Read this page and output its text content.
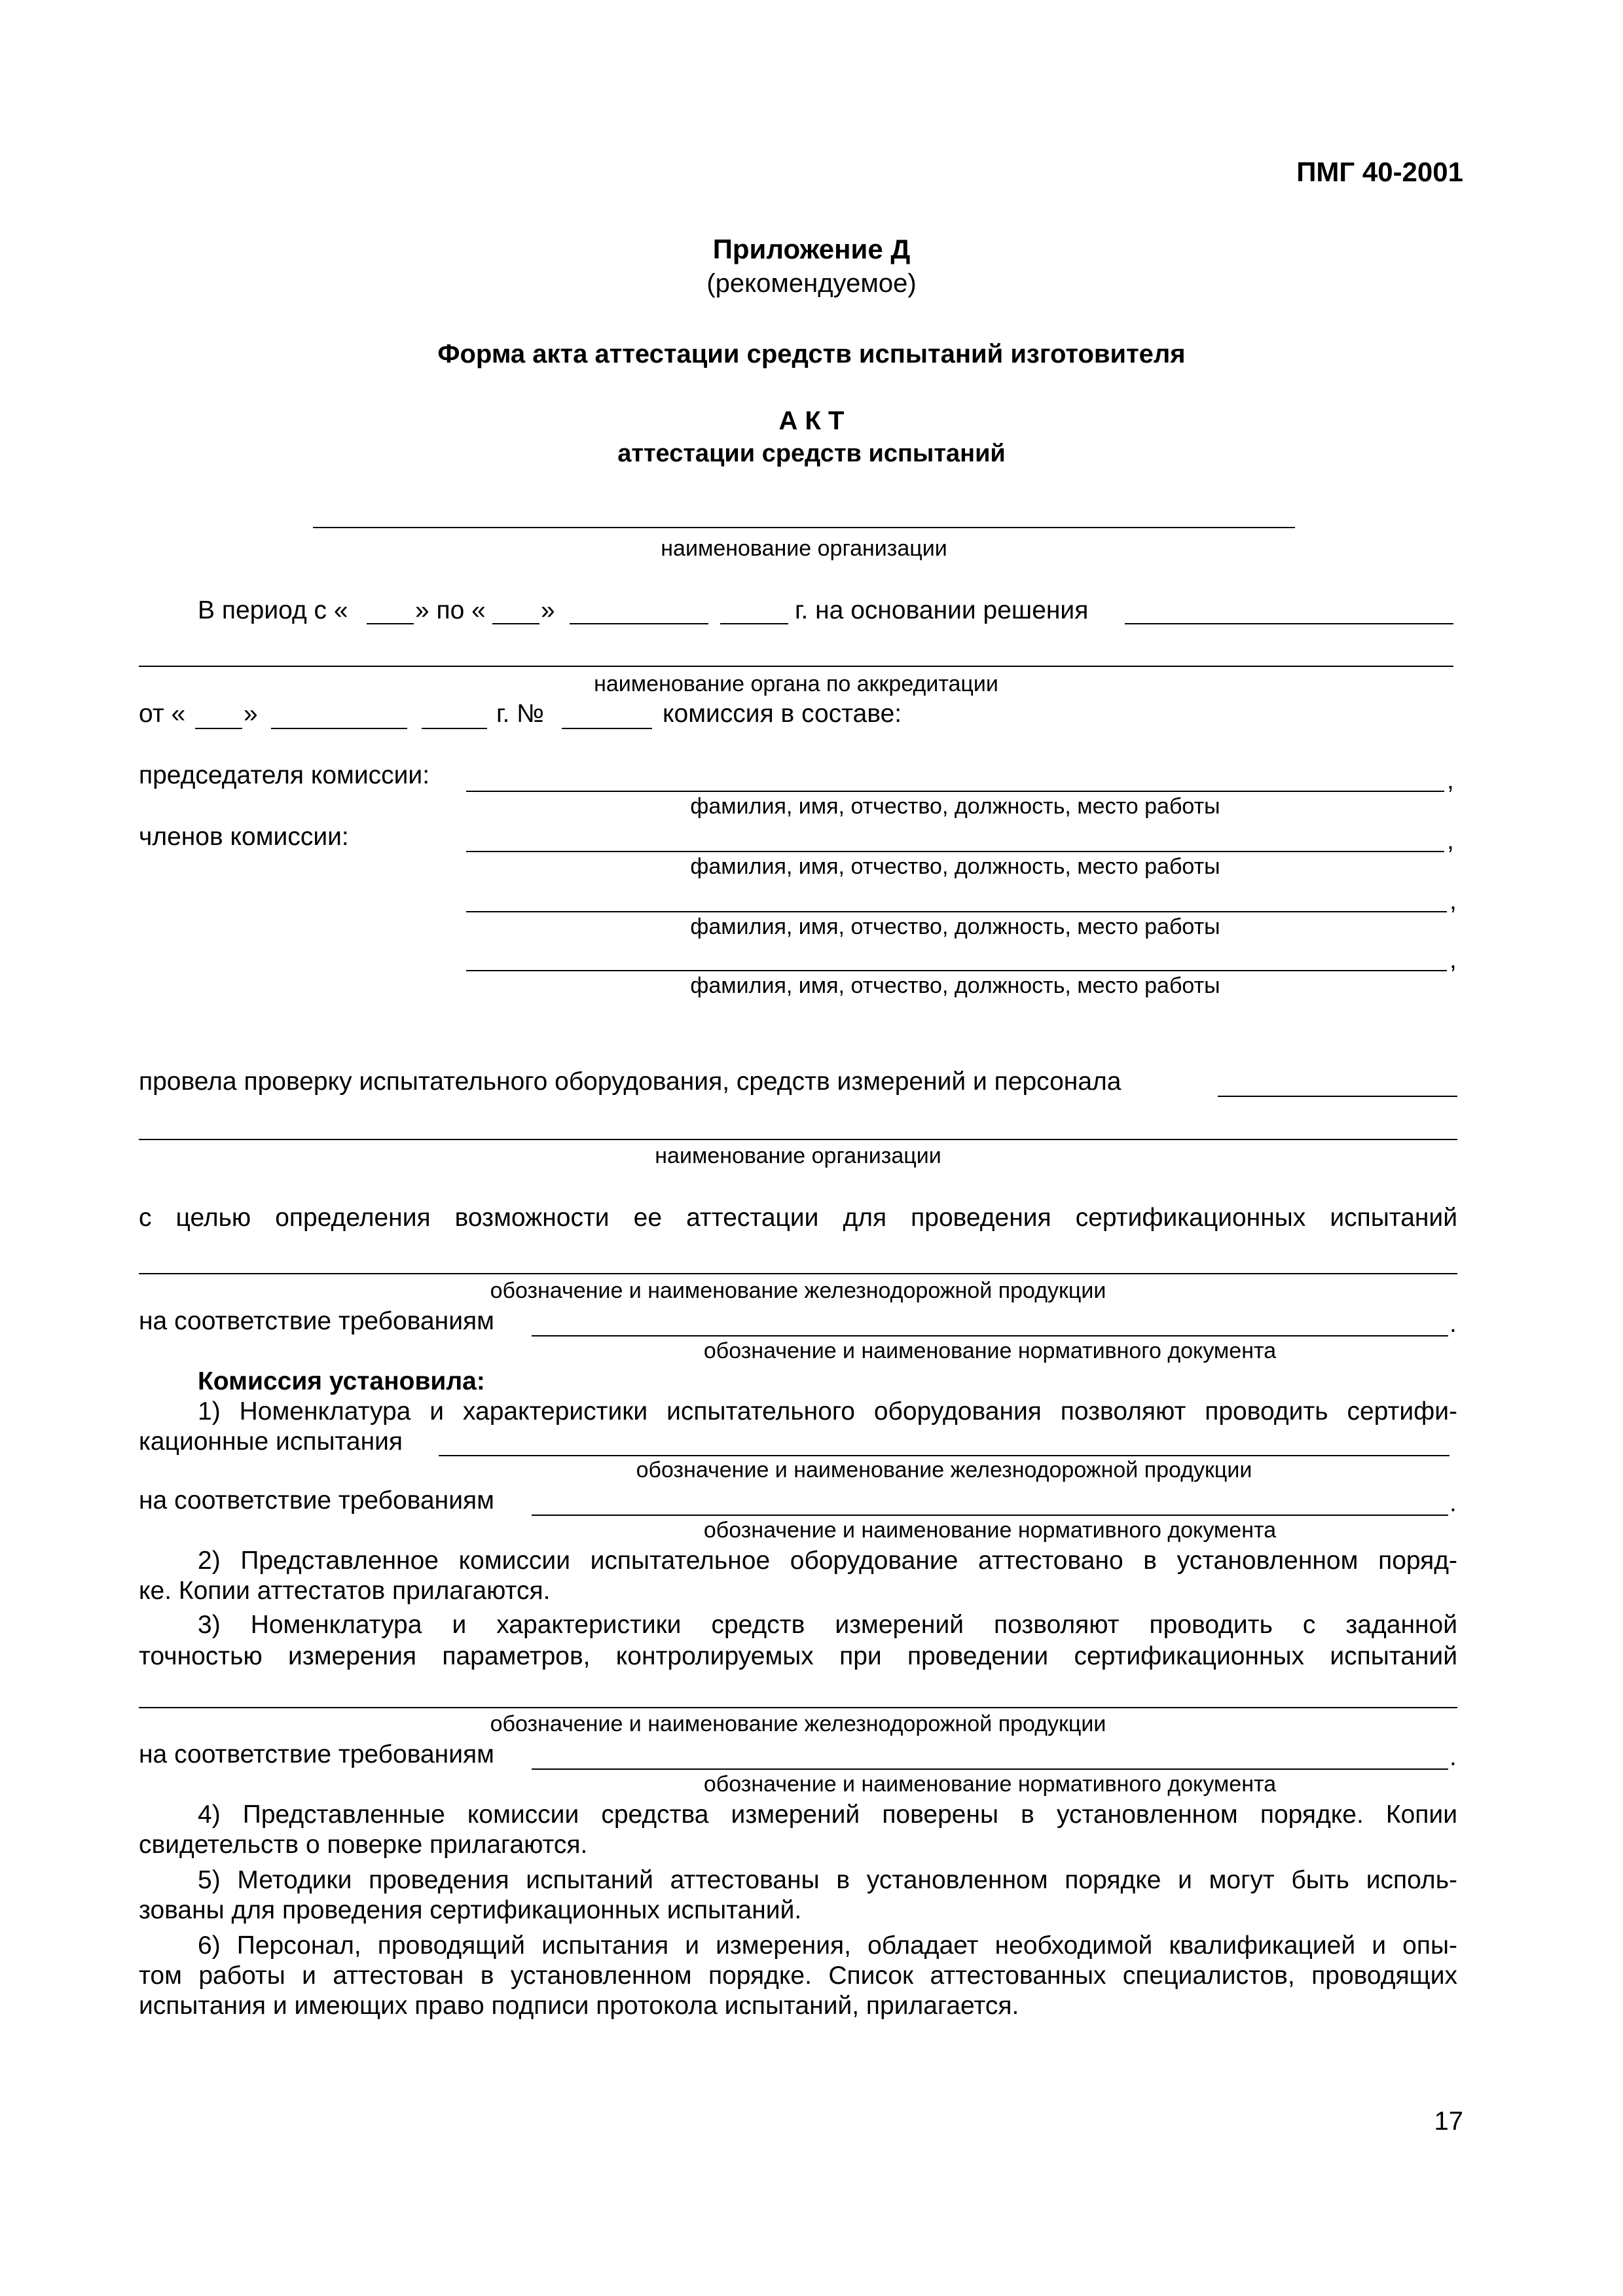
ПМГ 40-2001
Приложение Д
(рекомендуемое)
Форма акта аттестации средств испытаний изготовителя
А К Т
аттестации средств испытаний
наименование организации
В период с «	» по « »	г. на основании решения
наименование органа по аккредитации
от « »	г. №	комиссия в составе:
председателя комиссии:	,
фамилия, имя, отчество, должность, место работы
членов комиссии:	,
фамилия, имя, отчество, должность, место работы
,
фамилия, имя, отчество, должность, место работы
,
фамилия, имя, отчество, должность, место работы
провела проверку испытательного оборудования, средств измерений и персонала
наименование организации
с целью определения возможности ее аттестации для проведения сертификационных испытаний
обозначение и наименование железнодорожной продукции
на соответствие требованиям	.
обозначение и наименование нормативного документа
Комиссия установила:
1) Номенклатура и характеристики испытательного оборудования позволяют проводить сертифи-
кационные испытания
обозначение и наименование железнодорожной продукции
на соответствие требованиям	.
обозначение и наименование нормативного документа
2) Представленное комиссии испытательное оборудование аттестовано в установленном поряд-
ке. Копии аттестатов прилагаются.
3) Номенклатура и характеристики средств измерений позволяют проводить с заданной
точностью измерения параметров, контролируемых при проведении сертификационных испытаний
обозначение и наименование железнодорожной продукции
на соответствие требованиям	.
обозначение и наименование нормативного документа
4) Представленные комиссии средства измерений поверены в установленном порядке. Копии
свидетельств о поверке прилагаются.
5) Методики проведения испытаний аттестованы в установленном порядке и могут быть исполь-
зованы для проведения сертификационных испытаний.
6) Персонал, проводящий испытания и измерения, обладает необходимой квалификацией и опы-
том работы и аттестован в установленном порядке. Список аттестованных специалистов, проводящих
испытания и имеющих право подписи протокола испытаний, прилагается.
17
